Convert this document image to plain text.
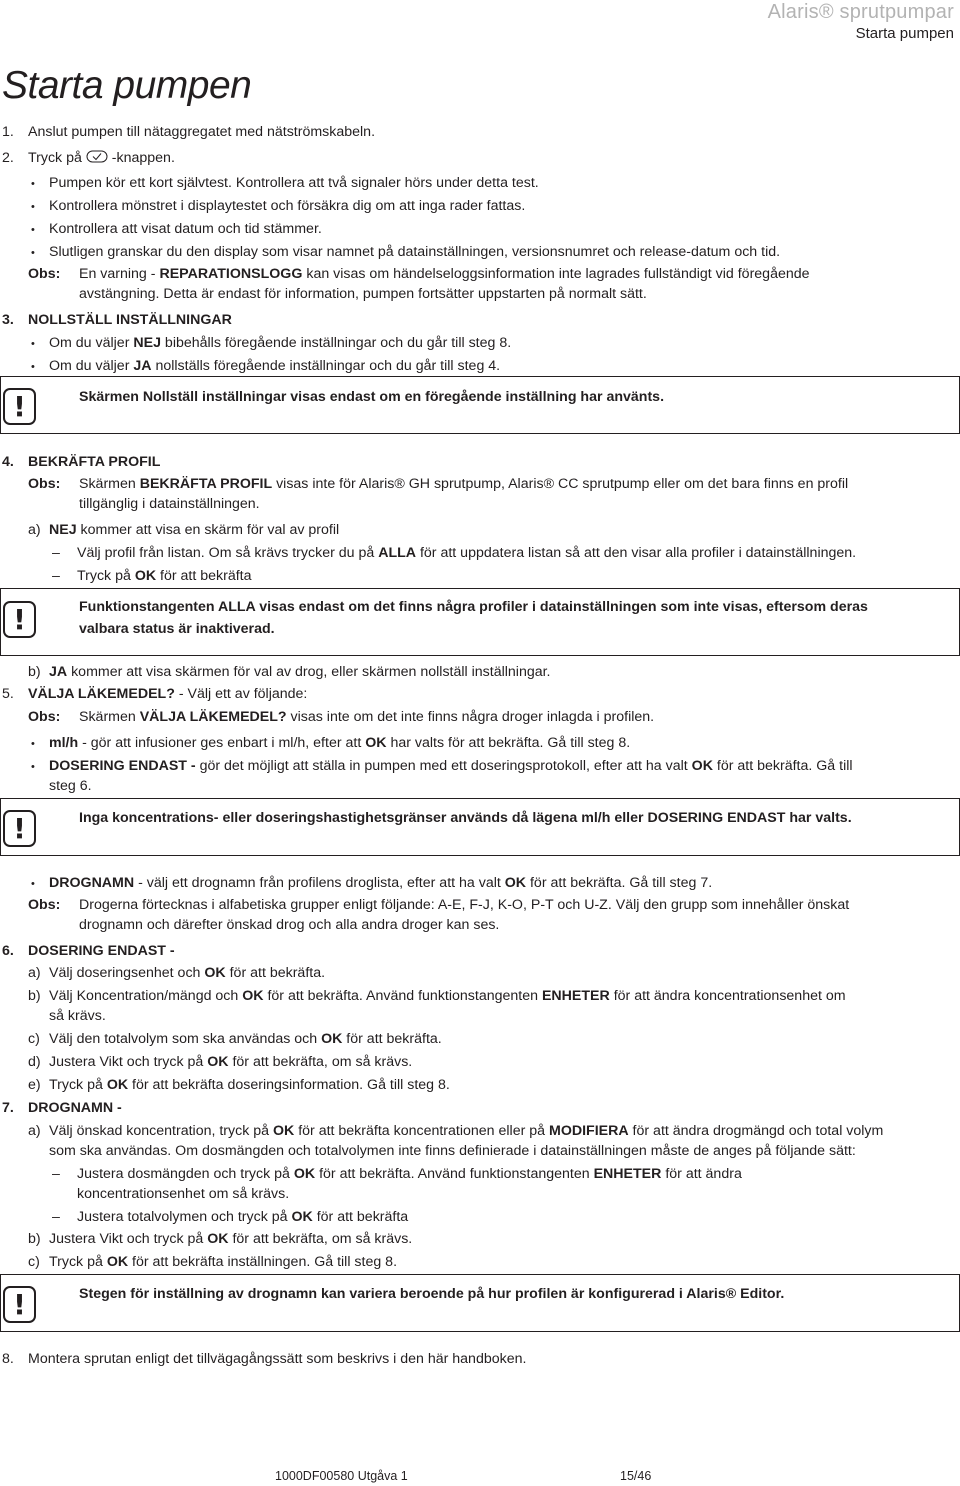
Alaris® sprutpumpar
Starta pumpen
Starta pumpen
1. Anslut pumpen till nätaggregatet med nätströmskabeln.
2. Tryck på -knappen.
• Pumpen kör ett kort självtest. Kontrollera att två signaler hörs under detta test.
• Kontrollera mönstret i displaytestet och försäkra dig om att inga rader fattas.
• Kontrollera att visat datum och tid stämmer.
• Slutligen granskar du den display som visar namnet på datainställningen, versionsnumret och release-datum och tid.
Obs: En varning - REPARATIONSLOGG kan visas om händelseloggsinformation inte lagrades fullständigt vid föregående
avstängning. Detta är endast för information, pumpen fortsätter uppstarten på normalt sätt.
3. NOLLSTÄLL INSTÄLLNINGAR
• Om du väljer NEJ bibehålls föregående inställningar och du går till steg 8.
• Om du väljer JA nollställs föregående inställningar och du går till steg 4.
!	Skärmen Nollställ inställningar visas endast om en föregående inställning har använts.
4. BEKRÄFTA PROFIL
Obs: Skärmen BEKRÄFTA PROFIL visas inte för Alaris® GH sprutpump, Alaris® CC sprutpump eller om det bara finns en profil
tillgänglig i datainställningen.
a) NEJ kommer att visa en skärm för val av profil
– Välj profil från listan. Om så krävs trycker du på ALLA för att uppdatera listan så att den visar alla profiler i datainställningen.
– Tryck på OK för att bekräfta
!	Funktionstangenten ALLA visas endast om det finns några profiler i datainställningen som inte visas, eftersom deras
valbara status är inaktiverad.
b) JA kommer att visa skärmen för val av drog, eller skärmen nollställ inställningar.
5. VÄLJA LÄKEMEDEL? - Välj ett av följande:
Obs: Skärmen VÄLJA LÄKEMEDEL? visas inte om det inte finns några droger inlagda i profilen.
• ml/h - gör att infusioner ges enbart i ml/h, efter att OK har valts för att bekräfta. Gå till steg 8.
• DOSERING ENDAST - gör det möjligt att ställa in pumpen med ett doseringsprotokoll, efter att ha valt OK för att bekräfta. Gå till
steg 6.
!	Inga koncentrations- eller doseringshastighetsgränser används då lägena ml/h eller DOSERING ENDAST har valts.
• DROGNAMN - välj ett drognamn från profilens droglista, efter att ha valt OK för att bekräfta. Gå till steg 7.
Obs: Drogerna förtecknas i alfabetiska grupper enligt följande: A-E, F-J, K-O, P-T och U-Z. Välj den grupp som innehåller önskat
drognamn och därefter önskad drog och alla andra droger kan ses.
6. DOSERING ENDAST -
a) Välj doseringsenhet och OK för att bekräfta.
b) Välj Koncentration/mängd och OK för att bekräfta. Använd funktionstangenten ENHETER för att ändra koncentrationsenhet om
så krävs.
c) Välj den totalvolym som ska användas och OK för att bekräfta.
d) Justera Vikt och tryck på OK för att bekräfta, om så krävs.
e) Tryck på OK för att bekräfta doseringsinformation. Gå till steg 8.
7. DROGNAMN -
a) Välj önskad koncentration, tryck på OK för att bekräfta koncentrationen eller på MODIFIERA för att ändra drogmängd och total volym
som ska användas. Om dosmängden och totalvolymen inte finns definierade i datainställningen måste de anges på följande sätt:
– Justera dosmängden och tryck på OK för att bekräfta. Använd funktionstangenten ENHETER för att ändra
koncentrationsenhet om så krävs.
– Justera totalvolymen och tryck på OK för att bekräfta
b) Justera Vikt och tryck på OK för att bekräfta, om så krävs.
c) Tryck på OK för att bekräfta inställningen. Gå till steg 8.
!	Stegen för inställning av drognamn kan variera beroende på hur profilen är konfigurerad i Alaris® Editor.
8. Montera sprutan enligt det tillvägagångssätt som beskrivs i den här handboken.
1000DF00580 Utgåva 1	15/46
